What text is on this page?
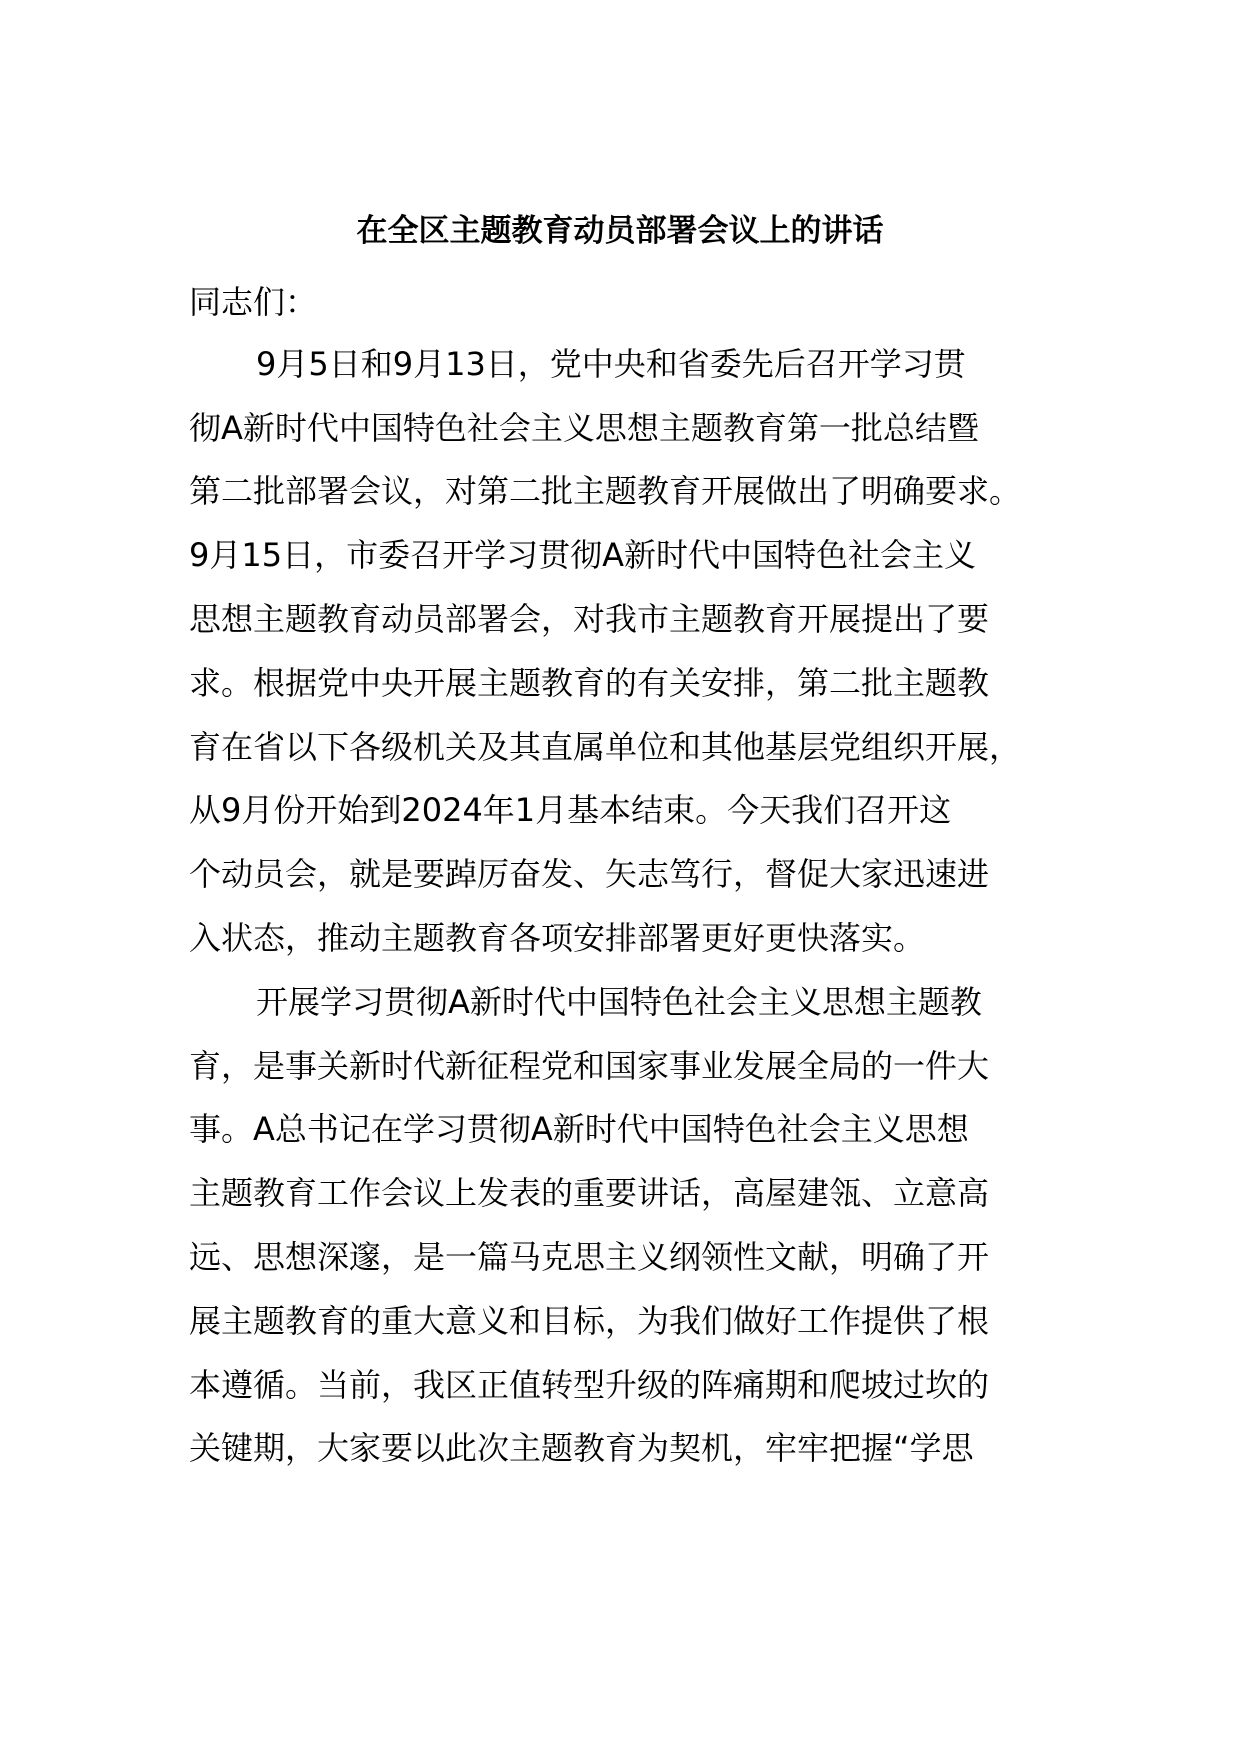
在全区主题教育动员部署会议上的讲话

同志们：

9月5日和9月13日，党中央和省委先后召开学习贯

彻A新时代中国特色社会主义思想主题教育第一批总结暨

第二批部署会议，对第二批主题教育开展做出了明确要求。

9月15日，市委召开学习贯彻A新时代中国特色社会主义

思想主题教育动员部署会，对我市主题教育开展提出了要

求。根据党中央开展主题教育的有关安排，第二批主题教

育在省以下各级机关及其直属单位和其他基层党组织开展，

从9月份开始到2024年1月基本结束。今天我们召开这

个动员会，就是要踔厉奋发、矢志笃行，督促大家迅速进

入状态，推动主题教育各项安排部署更好更快落实。

开展学习贯彻A新时代中国特色社会主义思想主题教

育，是事关新时代新征程党和国家事业发展全局的一件大

事。A总书记在学习贯彻A新时代中国特色社会主义思想

主题教育工作会议上发表的重要讲话，高屋建瓴、立意高

远、思想深邃，是一篇马克思主义纲领性文献，明确了开

展主题教育的重大意义和目标，为我们做好工作提供了根

本遵循。当前，我区正值转型升级的阵痛期和爬坡过坎的

关键期，大家要以此次主题教育为契机，牢牢把握“学思
